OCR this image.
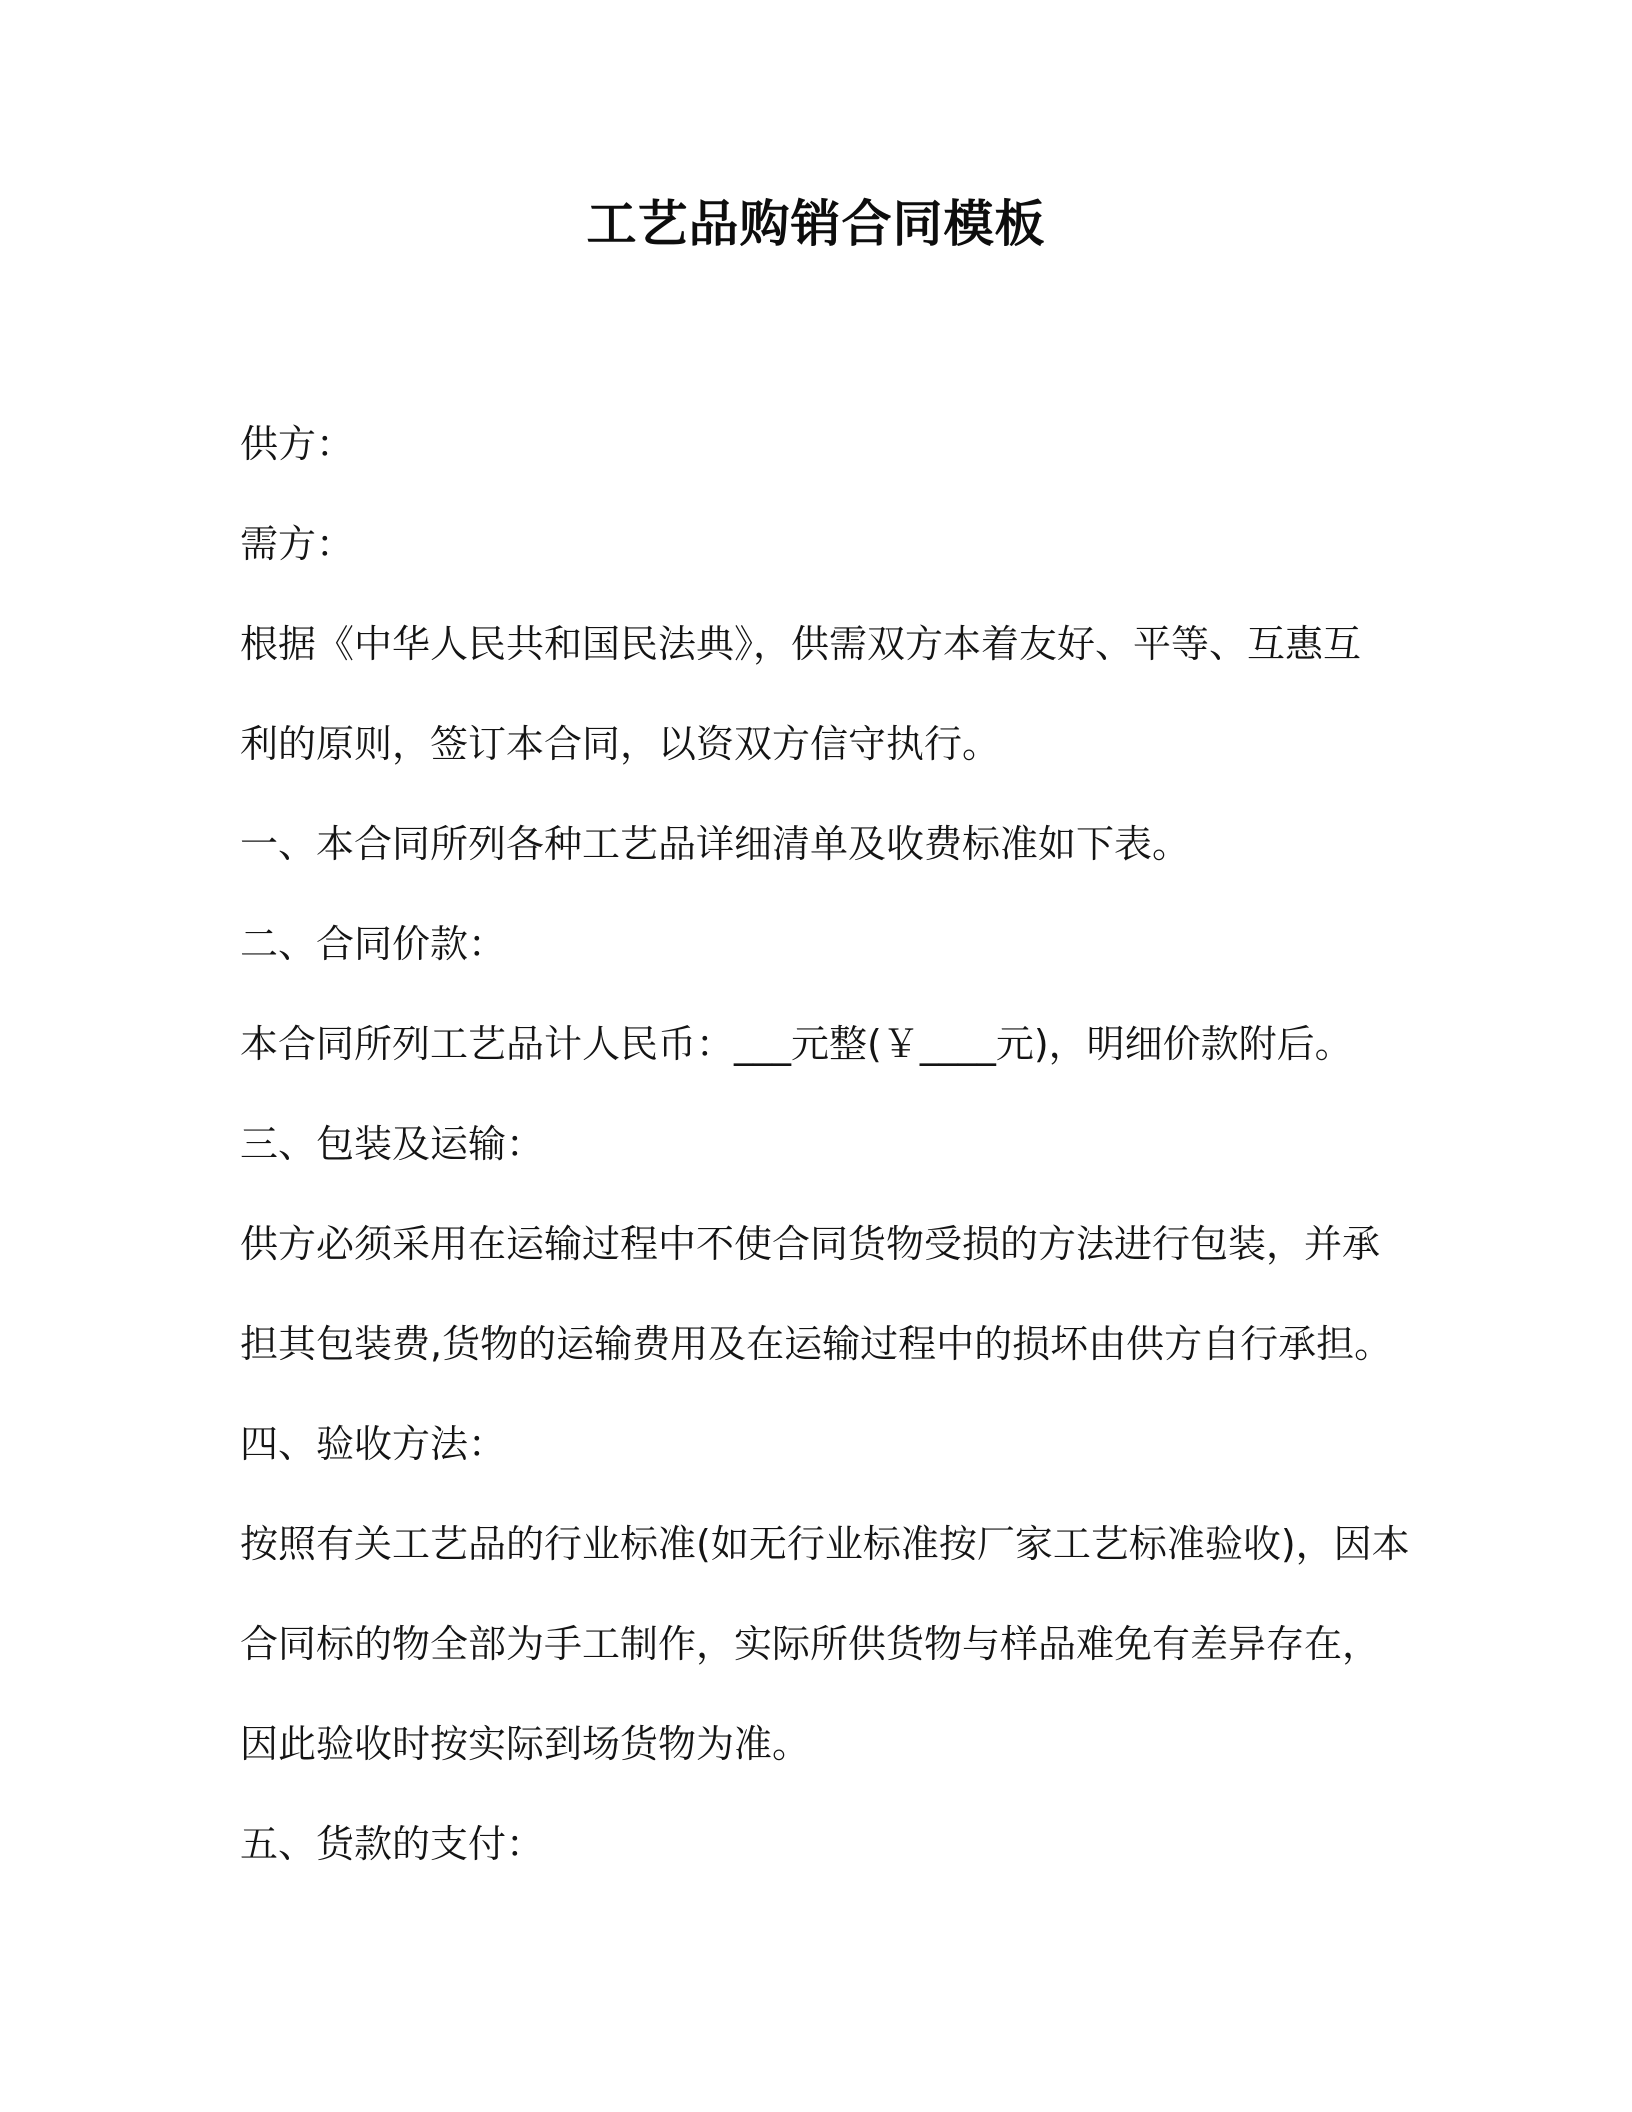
工艺品购销合同模板
供方：
需方：
根据《中华人民共和国民法典》，供需双方本着友好、平等、互惠互
利的原则，签订本合同，以资双方信守执行。
一、本合同所列各种工艺品详细清单及收费标准如下表。
二、合同价款：
本合同所列工艺品计人民币：___元整(￥____元)，明细价款附后。
三、包装及运输：
供方必须采用在运输过程中不使合同货物受损的方法进行包装，并承
担其包装费,货物的运输费用及在运输过程中的损坏由供方自行承担。
四、验收方法：
按照有关工艺品的行业标准(如无行业标准按厂家工艺标准验收)，因本
合同标的物全部为手工制作，实际所供货物与样品难免有差异存在，
因此验收时按实际到场货物为准。
五、货款的支付：
